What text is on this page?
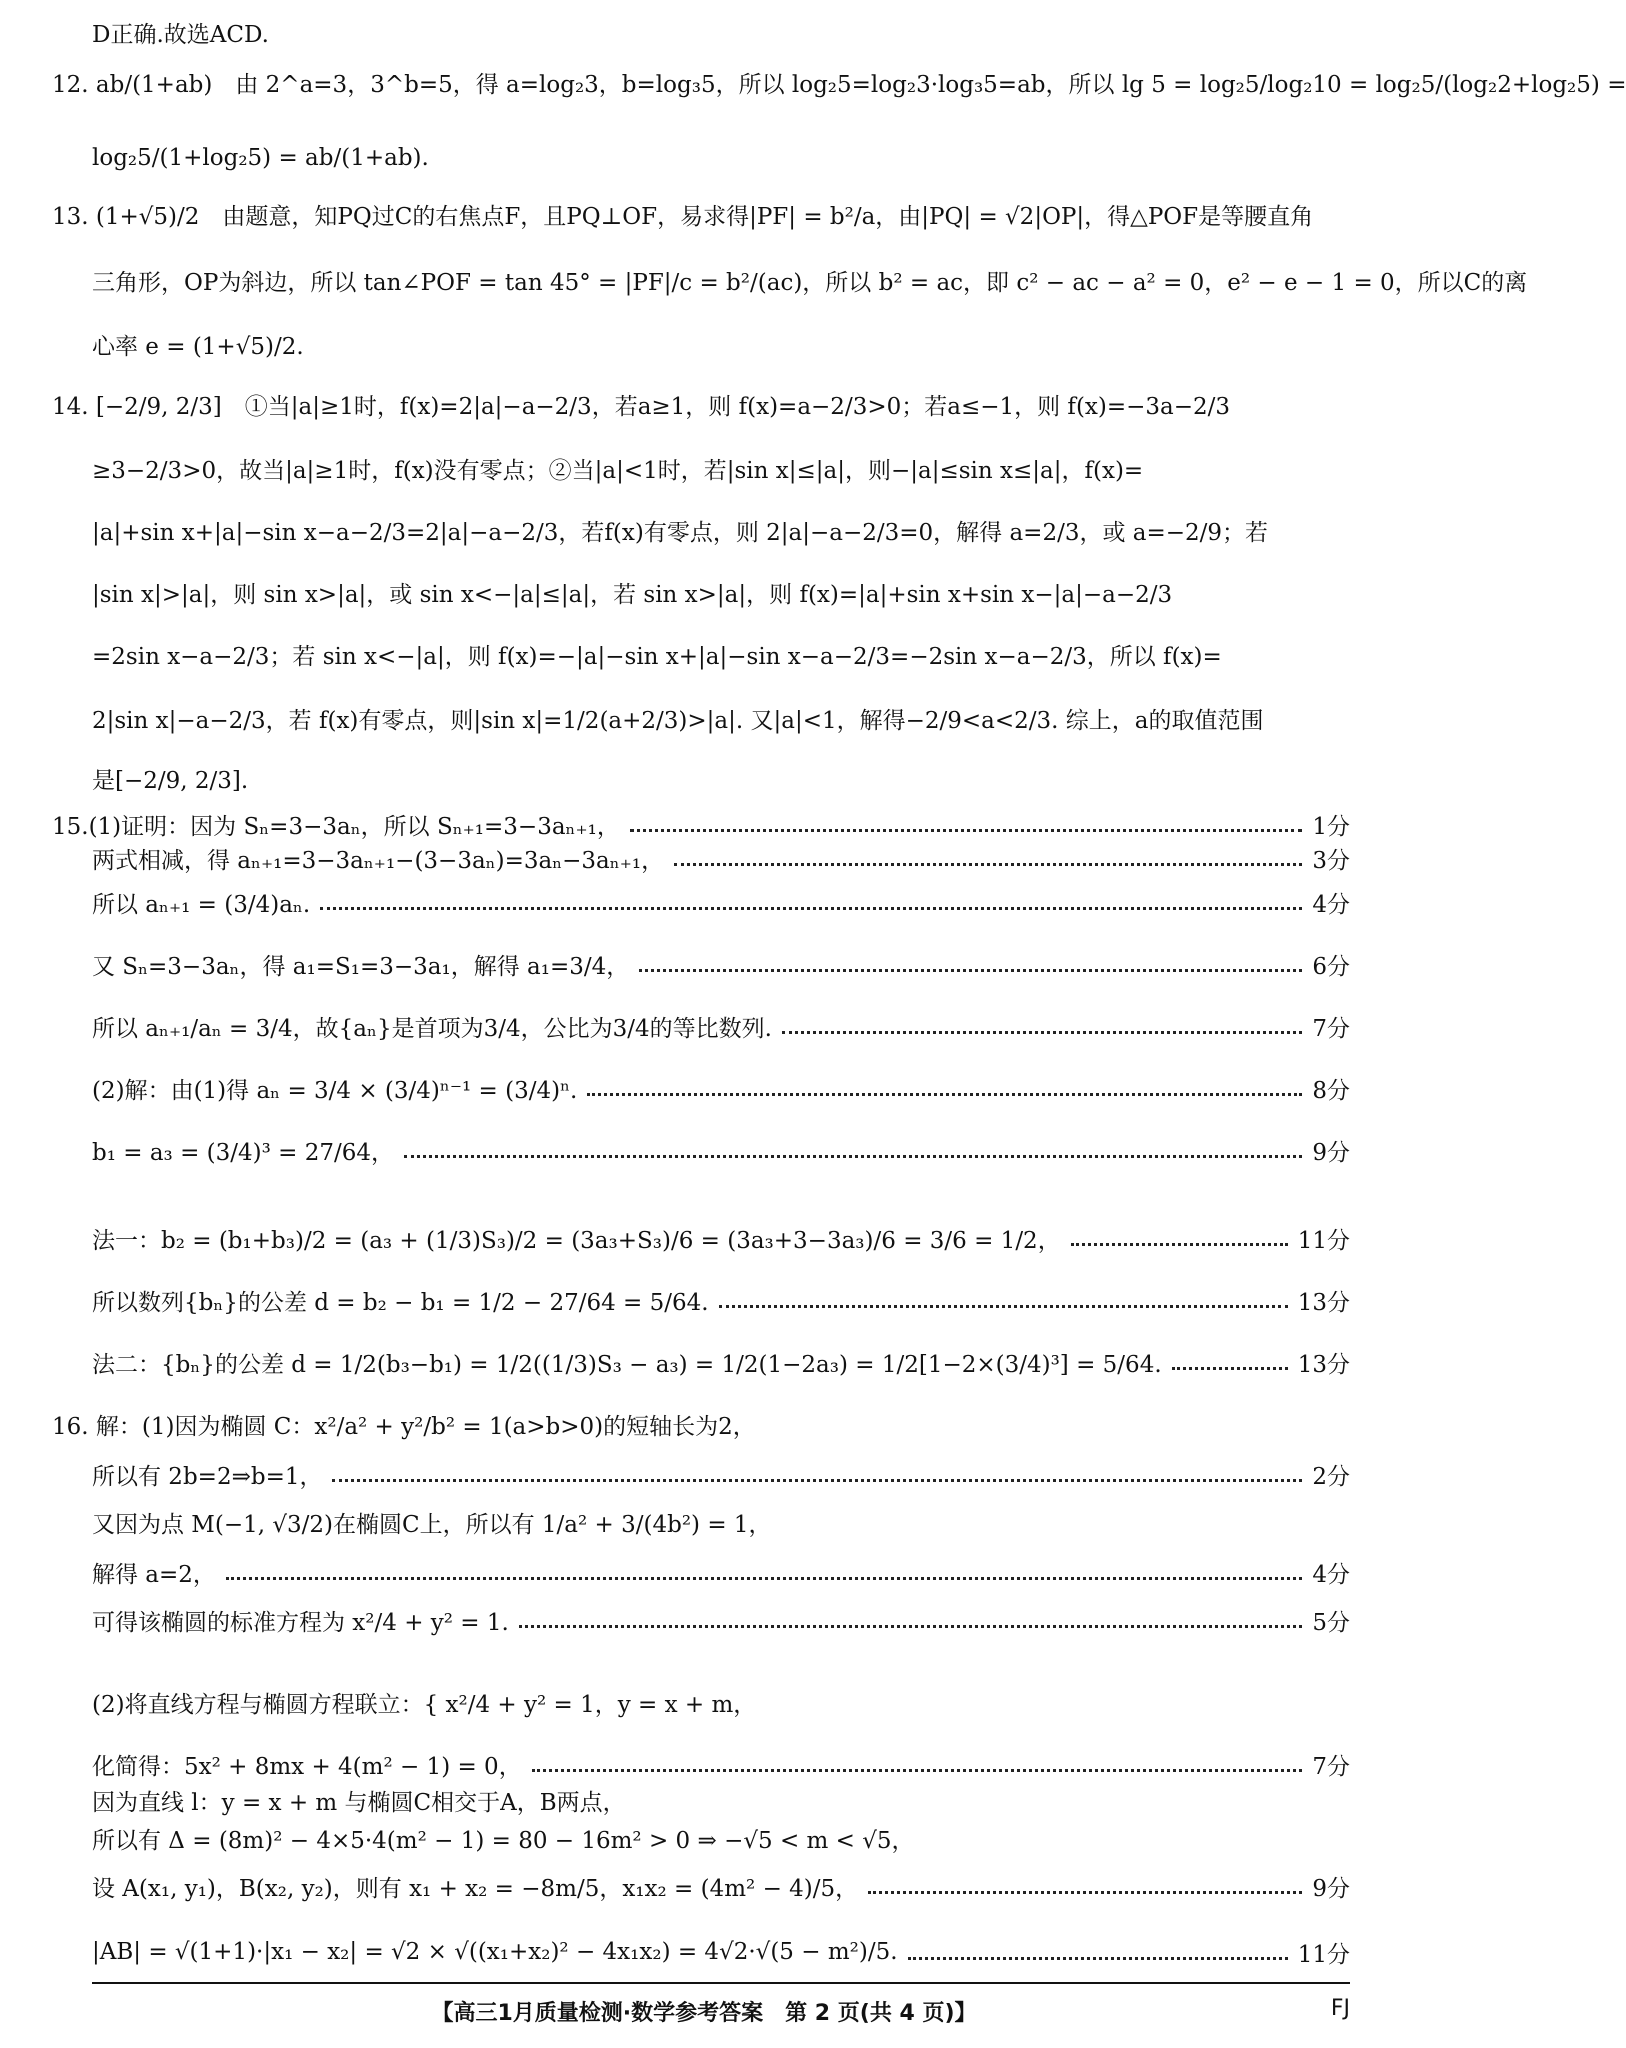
D正确.故选ACD.
12. ab/(1+ab)　由 2^a=3，3^b=5，得 a=log₂3，b=log₃5，所以 log₂5=log₂3·log₃5=ab，所以 lg 5 = log₂5/log₂10 = log₂5/(log₂2+log₂5) =
log₂5/(1+log₂5) = ab/(1+ab).
13. (1+√5)/2　由题意，知PQ过C的右焦点F，且PQ⊥OF，易求得|PF| = b²/a，由|PQ| = √2|OP|，得△POF是等腰直角
三角形，OP为斜边，所以 tan∠POF = tan 45° = |PF|/c = b²/(ac)，所以 b² = ac，即 c² − ac − a² = 0，e² − e − 1 = 0，所以C的离
心率 e = (1+√5)/2.
14. [−2/9, 2/3]　①当|a|≥1时，f(x)=2|a|−a−2/3，若a≥1，则 f(x)=a−2/3>0；若a≤−1，则 f(x)=−3a−2/3
≥3−2/3>0，故当|a|≥1时，f(x)没有零点；②当|a|<1时，若|sin x|≤|a|，则−|a|≤sin x≤|a|，f(x)=
|a|+sin x+|a|−sin x−a−2/3=2|a|−a−2/3，若f(x)有零点，则 2|a|−a−2/3=0，解得 a=2/3，或 a=−2/9；若
|sin x|>|a|，则 sin x>|a|，或 sin x<−|a|≤|a|，若 sin x>|a|，则 f(x)=|a|+sin x+sin x−|a|−a−2/3
=2sin x−a−2/3；若 sin x<−|a|，则 f(x)=−|a|−sin x+|a|−sin x−a−2/3=−2sin x−a−2/3，所以 f(x)=
2|sin x|−a−2/3，若 f(x)有零点，则|sin x|=1/2(a+2/3)>|a|. 又|a|<1，解得−2/9<a<2/3. 综上，a的取值范围
是[−2/9, 2/3].
15.(1)证明：因为 Sₙ=3−3aₙ，所以 Sₙ₊₁=3−3aₙ₊₁，	1分
两式相减，得 aₙ₊₁=3−3aₙ₊₁−(3−3aₙ)=3aₙ−3aₙ₊₁，	3分
所以 aₙ₊₁ = (3/4)aₙ.	4分
又 Sₙ=3−3aₙ，得 a₁=S₁=3−3a₁，解得 a₁=3/4，	6分
所以 aₙ₊₁/aₙ = 3/4，故{aₙ}是首项为3/4，公比为3/4的等比数列.	7分
(2)解：由(1)得 aₙ = 3/4 × (3/4)ⁿ⁻¹ = (3/4)ⁿ.	8分
b₁ = a₃ = (3/4)³ = 27/64，	9分
法一：b₂ = (b₁+b₃)/2 = (a₃ + (1/3)S₃)/2 = (3a₃+S₃)/6 = (3a₃+3−3a₃)/6 = 3/6 = 1/2，	11分
所以数列{bₙ}的公差 d = b₂ − b₁ = 1/2 − 27/64 = 5/64.	13分
法二：{bₙ}的公差 d = 1/2(b₃−b₁) = 1/2((1/3)S₃ − a₃) = 1/2(1−2a₃) = 1/2[1−2×(3/4)³] = 5/64.	13分
16. 解：(1)因为椭圆 C：x²/a² + y²/b² = 1(a>b>0)的短轴长为2，
所以有 2b=2⇒b=1，	2分
又因为点 M(−1, √3/2)在椭圆C上，所以有 1/a² + 3/(4b²) = 1，
解得 a=2，	4分
可得该椭圆的标准方程为 x²/4 + y² = 1.	5分
(2)将直线方程与椭圆方程联立：{ x²/4 + y² = 1，y = x + m，
化简得：5x² + 8mx + 4(m² − 1) = 0，	7分
因为直线 l：y = x + m 与椭圆C相交于A，B两点，
所以有 Δ = (8m)² − 4×5·4(m² − 1) = 80 − 16m² > 0 ⇒ −√5 < m < √5，
设 A(x₁, y₁)，B(x₂, y₂)，则有 x₁ + x₂ = −8m/5，x₁x₂ = (4m² − 4)/5，	9分
|AB| = √(1+1)·|x₁ − x₂| = √2 × √((x₁+x₂)² − 4x₁x₂) = 4√2·√(5 − m²)/5.	11分
【高三1月质量检测·数学参考答案　第 2 页(共 4 页)】	FJ
